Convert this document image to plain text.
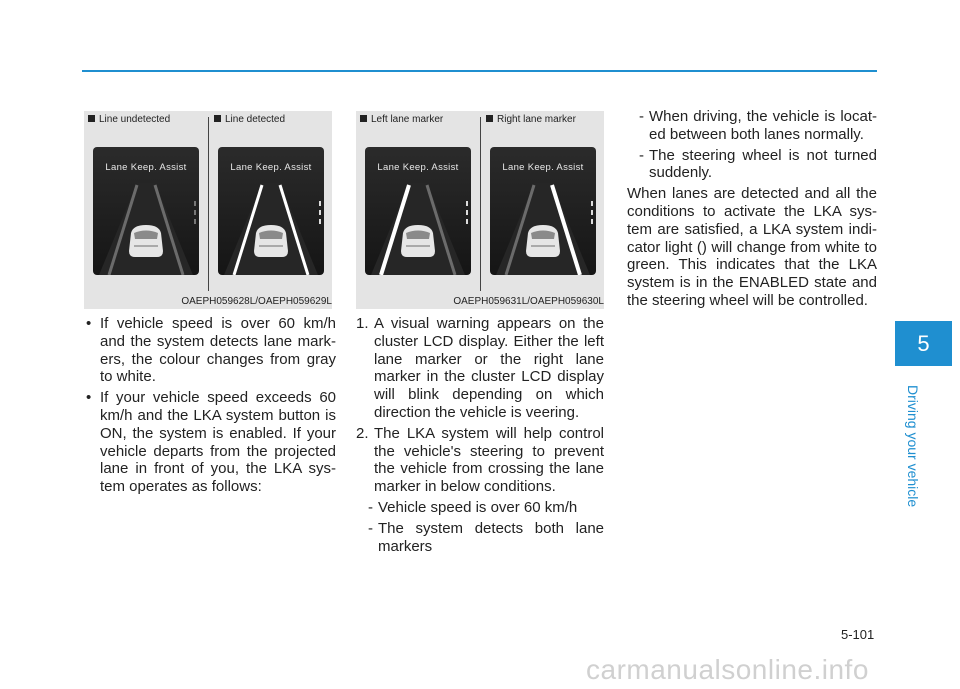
Line undetected	Line detected
Lane Keep. Assist	Lane Keep. Assist
OAEPH059628L/OAEPH059629L
Left lane marker	Right lane marker
Lane Keep. Assist	Lane Keep. Assist
OAEPH059631L/OAEPH059630L
• If vehicle speed is over 60 km/h and the system detects lane mark-ers, the colour changes from gray to white.

• If your vehicle speed exceeds 60 km/h and the LKA system button is ON, the system is enabled. If your vehicle departs from the projected lane in front of you, the LKA sys-tem operates as follows:

1. A visual warning appears on the cluster LCD display. Either the left lane marker or the right lane marker in the cluster LCD display will blink depending on which direction the vehicle is veering.

2. The LKA system will help control the vehicle's steering to prevent the vehicle from crossing the lane marker in below conditions.

- Vehicle speed is over 60 km/h

- The system detects both lane markers

- When driving, the vehicle is locat-ed between both lanes normally.

- The steering wheel is not turned suddenly.

When lanes are detected and all the conditions to activate the LKA sys-tem are satisfied, a LKA system indi-cator light () will change from white to green. This indicates that the LKA system is in the ENABLED state and the steering wheel will be controlled.

5
Driving your vehicle
5-101
carmanualsonline.info
